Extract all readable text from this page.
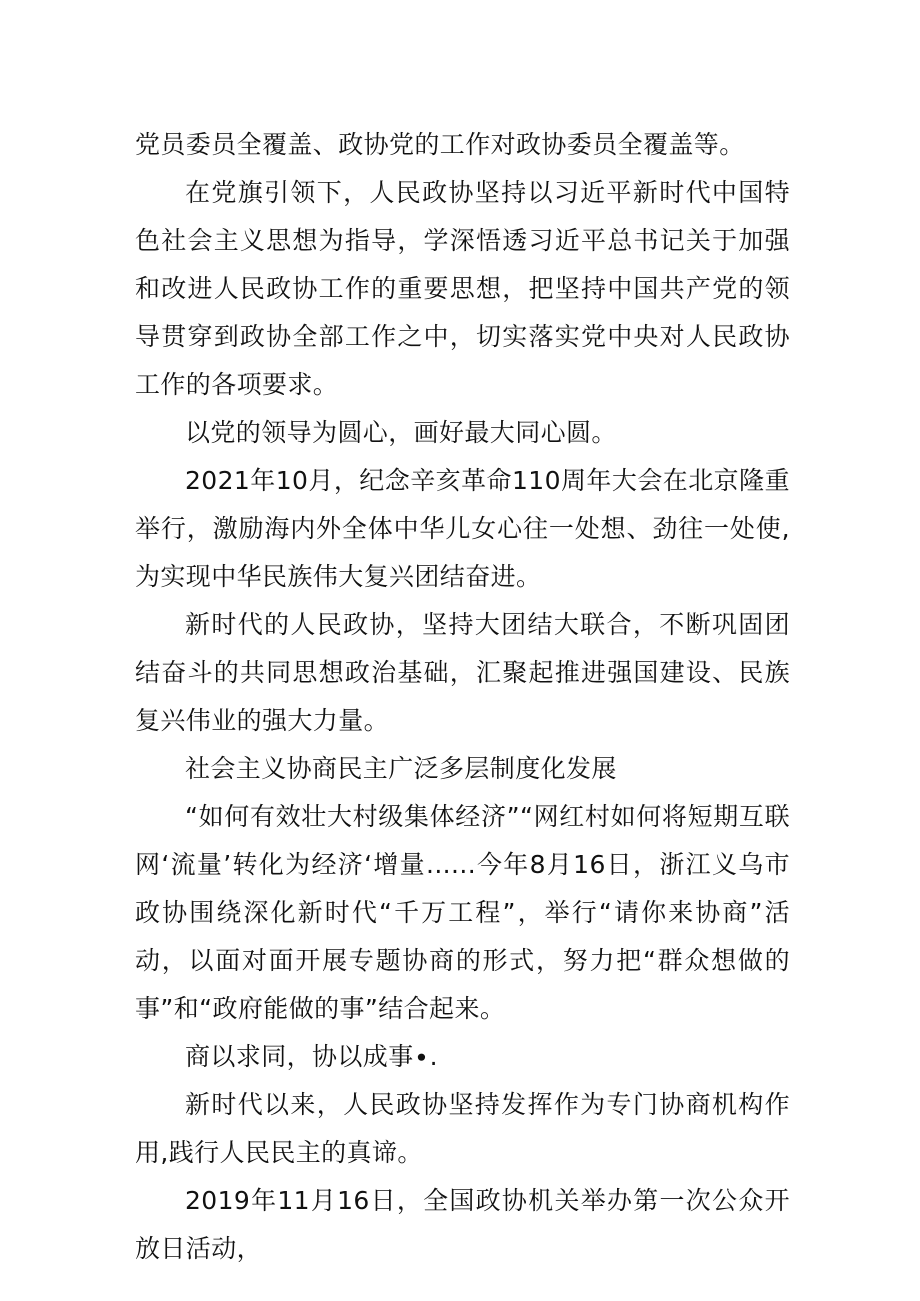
党员委员全覆盖、政协党的工作对政协委员全覆盖等。

在党旗引领下，人民政协坚持以习近平新时代中国特色社会主义思想为指导，学深悟透习近平总书记关于加强和改进人民政协工作的重要思想，把坚持中国共产党的领导贯穿到政协全部工作之中，切实落实党中央对人民政协工作的各项要求。

以党的领导为圆心，画好最大同心圆。

2021年10月，纪念辛亥革命110周年大会在北京隆重举行，激励海内外全体中华儿女心往一处想、劲往一处使,为实现中华民族伟大复兴团结奋进。

新时代的人民政协，坚持大团结大联合，不断巩固团结奋斗的共同思想政治基础，汇聚起推进强国建设、民族复兴伟业的强大力量。

社会主义协商民主广泛多层制度化发展

“如何有效壮大村级集体经济”“网红村如何将短期互联网‘流量’转化为经济‘增量......今年8月16日，浙江义乌市政协围绕深化新时代“千万工程”，举行“请你来协商”活动，以面对面开展专题协商的形式，努力把“群众想做的事”和“政府能做的事”结合起来。

商以求同，协以成事∙.

新时代以来，人民政协坚持发挥作为专门协商机构作用,践行人民民主的真谛。

2019年11月16日，全国政协机关举办第一次公众开放日活动，
